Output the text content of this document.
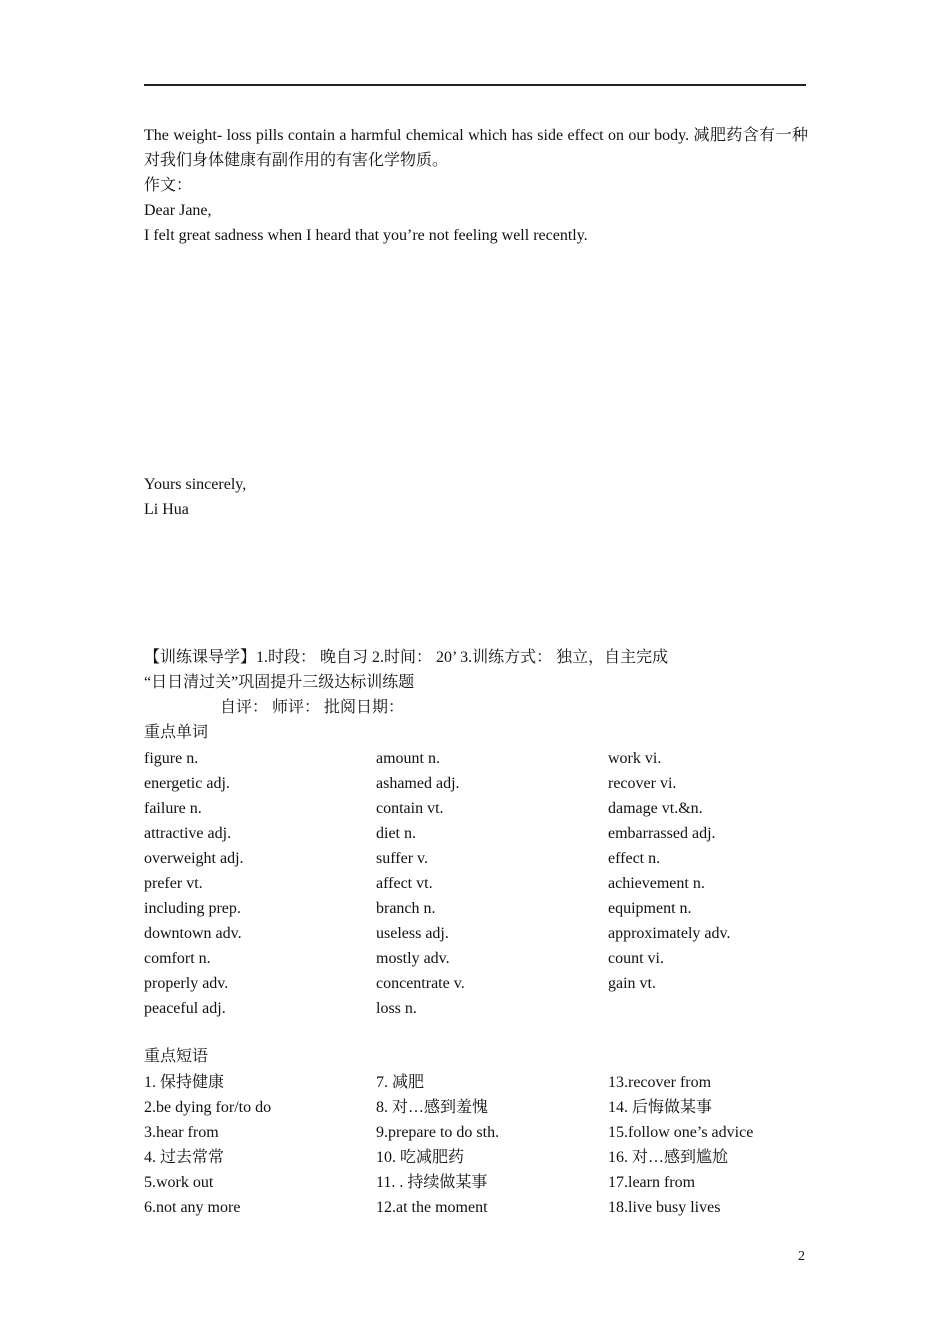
The weight- loss pills contain a harmful chemical which has side effect on our body. 减肥药含有一种对我们身体健康有副作用的有害化学物质。
作文：
Dear Jane,
I felt great sadness when I heard that you’re not feeling well recently.
Yours sincerely,
Li Hua
【训练课导学】1.时段： 晚自习 2.时间： 20’ 3.训练方式： 独立，自主完成
“日日清过关”巩固提升三级达标训练题
自评： 师评： 批阅日期：
重点单词
figure n.	amount n.	work vi.
energetic adj.	ashamed adj.	recover vi.
failure n.	contain vt.	damage vt.&n.
attractive adj.	diet n.	embarrassed adj.
overweight adj.	suffer v.	effect n.
prefer vt.	affect vt.	achievement n.
including prep.	branch n.	equipment n.
downtown adv.	useless adj.	approximately adv.
comfort n.	mostly adv.	count vi.
properly adv.	concentrate v.	gain vt.
peaceful adj.	loss n.
重点短语
1. 保持健康	7. 减肥	13.recover from
2.be dying for/to do	8. 对…感到羞愧	14. 后悔做某事
3.hear from	9.prepare to do sth.	15.follow one’s advice
4. 过去常常	10. 吃减肥药	16. 对…感到尴尬
5.work out	11. . 持续做某事	17.learn from
6.not any more	12.at the moment	18.live busy lives
2
